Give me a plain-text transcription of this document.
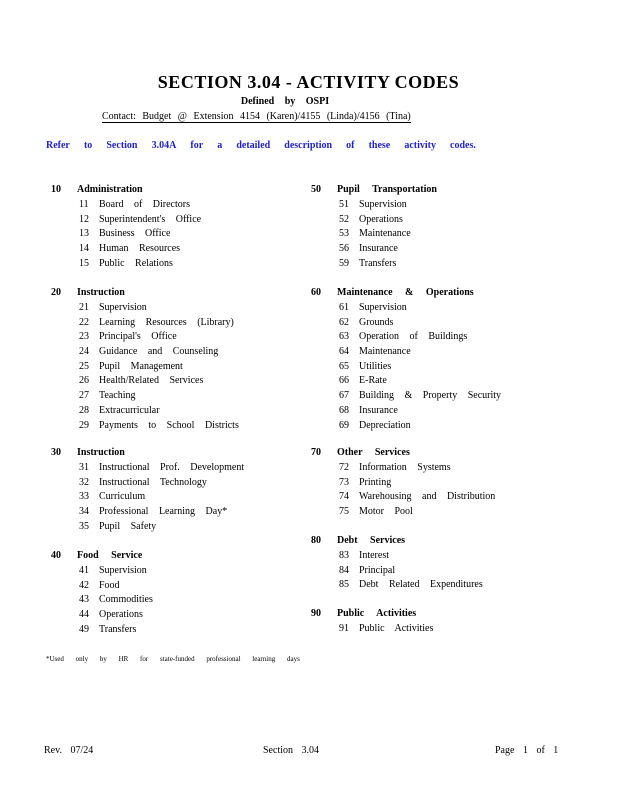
SECTION 3.04 - ACTIVITY CODES
Defined by OSPI
Contact: Budget @ Extension 4154 (Karen)/4155 (Linda)/4156 (Tina)
Refer to Section 3.04A for a detailed description of these activity codes.
10 Administration
11 Board of Directors
12 Superintendent's Office
13 Business Office
14 Human Resources
15 Public Relations
20 Instruction
21 Supervision
22 Learning Resources (Library)
23 Principal's Office
24 Guidance and Counseling
25 Pupil Management
26 Health/Related Services
27 Teaching
28 Extracurricular
29 Payments to School Districts
30 Instruction
31 Instructional Prof. Development
32 Instructional Technology
33 Curriculum
34 Professional Learning Day*
35 Pupil Safety
40 Food Service
41 Supervision
42 Food
43 Commodities
44 Operations
49 Transfers
50 Pupil Transportation
51 Supervision
52 Operations
53 Maintenance
56 Insurance
59 Transfers
60 Maintenance & Operations
61 Supervision
62 Grounds
63 Operation of Buildings
64 Maintenance
65 Utilities
66 E-Rate
67 Building & Property Security
68 Insurance
69 Depreciation
70 Other Services
72 Information Systems
73 Printing
74 Warehousing and Distribution
75 Motor Pool
80 Debt Services
83 Interest
84 Principal
85 Debt Related Expenditures
90 Public Activities
91 Public Activities
*Used only by HR for state-funded professional learning days
Rev. 07/24	Section 3.04	Page 1 of 1
